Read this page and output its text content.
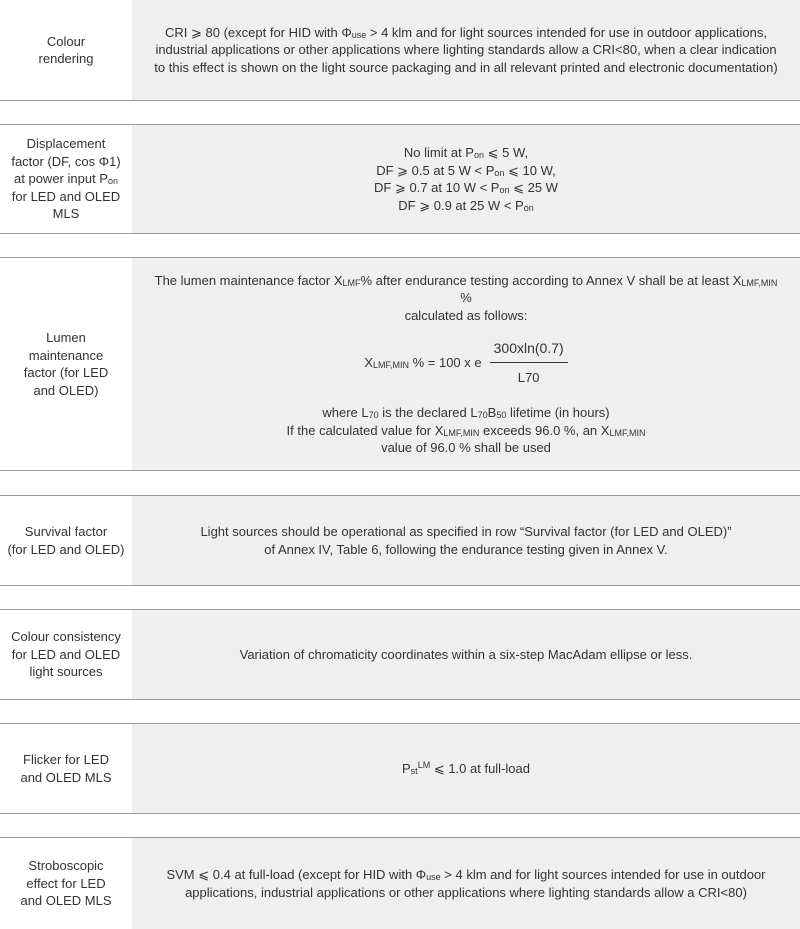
Colour
rendering
CRI ⩾ 80 (except for HID with $\Phi_{use} > 4$ klm and for light sources intended for use in outdoor applications,
industrial applications or other applications where lighting standards allow a CRI<80, when a clear indication
to this effect is shown on the light source packaging and in all relevant printed and electronic documentation)
Displacement
factor (DF, cos Φ1)
at power input $P_{on}$
for LED and OLED
MLS
No limit at $P_{on}$ ⩽ 5 W,
DF ⩾ 0.5 at 5 $W < P_{on}$ ⩽ 10 W,
DF ⩾ 0.7 at 10 $W < P_{on}$ ⩽ 25 W
DF ⩾ 0.9 at 25 $W < P_{on}$
Lumen
maintenance
factor (for LED
and OLED)
The lumen maintenance factor $X_{LMF}\%$ after endurance testing according to Annex V shall be at least $X_{LMF,MIN}$ %
calculated as follows:
$X_{LMF,MIN}$ % = 100 x e $\frac{300xln(0.7)}{L70}$
where $L_{70}$ is the declared $L_{70}B_{50}$ lifetime (in hours)
If the calculated value for $X_{LMF,MIN}$ exceeds 96.0 %, an $X_{LMF,MIN}$
value of 96.0 % shall be used
Survival factor
(for LED and OLED)
Light sources should be operational as specified in row “Survival factor (for LED and OLED)”
of Annex IV, Table 6, following the endurance testing given in Annex V.
Colour consistency
for LED and OLED
light sources
Variation of chromaticity coordinates within a six-step MacAdam ellipse or less.
Flicker for LED
and OLED MLS
$P_{st}^{LM}$ ⩽ 1.0 at full-load
Stroboscopic
effect for LED
and OLED MLS
SVM ⩽ 0.4 at full-load (except for HID with $\Phi_{use} > 4$ klm and for light sources intended for use in outdoor
applications, industrial applications or other applications where lighting standards allow a CRI<80)
